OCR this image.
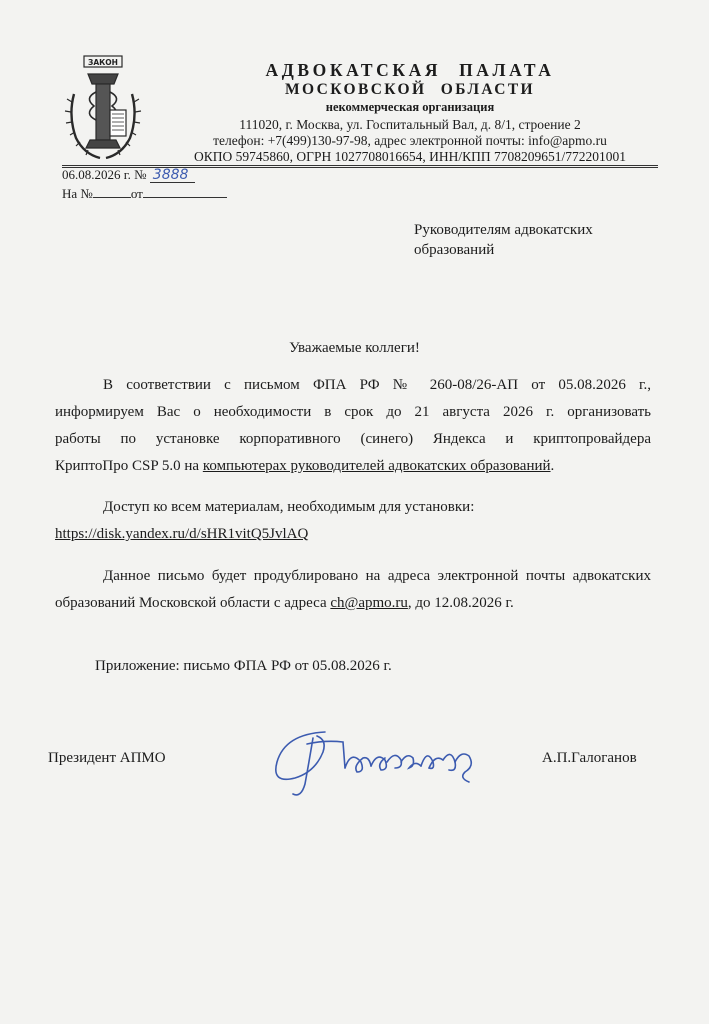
ЗАКОН	АДВОКАТСКАЯ ПАЛАТА
МОСКОВСКОЙ ОБЛАСТИ
некоммерческая организация
111020, г. Москва, ул. Госпитальный Вал, д. 8/1, строение 2
телефон: +7(499)130-97-98, адрес электронной почты: info@apmo.ru
ОКПО 59745860, ОГРН 1027708016654, ИНН/КПП 7708209651/772201001
06.08.2026 г. № 3888
На №	от
Руководителям адвокатских образований
Уважаемые коллеги!
В соответствии с письмом ФПА РФ № 260-08/26-АП от 05.08.2026 г.,
информируем Вас о необходимости в срок до 21 августа 2026 г. организовать
работы по установке корпоративного (синего) Яндекса и криптопровайдера
КриптоПро CSP 5.0 на компьютерах руководителей адвокатских образований.
Доступ ко всем материалам, необходимым для установки:
https://disk.yandex.ru/d/sHR1vitQ5JvlAQ
Данное письмо будет продублировано на адреса электронной почты адвокатских образований Московской области с адреса ch@apmo.ru, до 12.08.2026 г.
Приложение: письмо ФПА РФ от 05.08.2026 г.
Президент АПМО	А.П.Галоганов
